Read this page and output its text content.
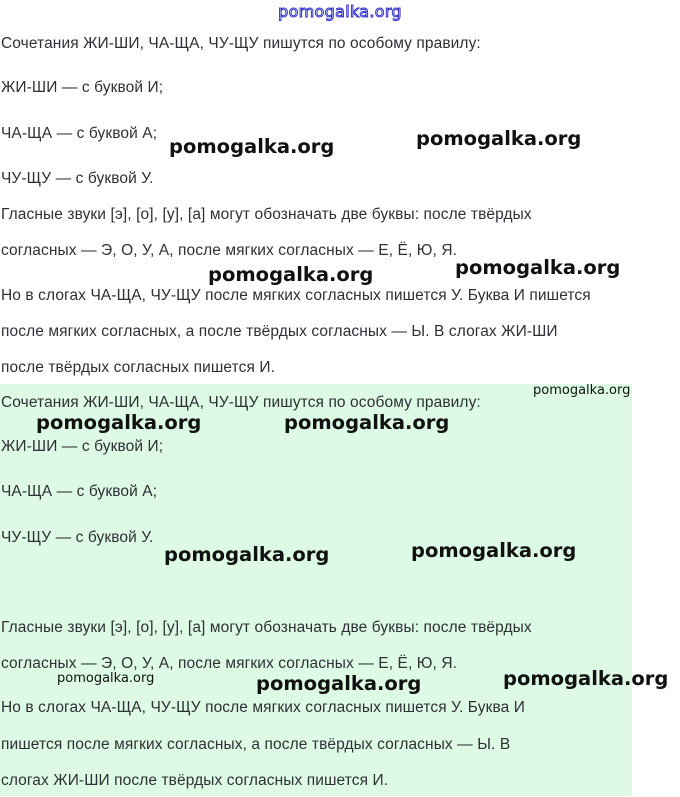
pomogalka.org
Сочетания ЖИ-ШИ, ЧА-ЩА, ЧУ-ЩУ пишутся по особому правилу:
ЖИ-ШИ — с буквой И;
ЧА-ЩА — с буквой А;
ЧУ-ЩУ — с буквой У.
Гласные звуки [э], [о], [у], [а] могут обозначать две буквы: после твёрдых
согласных — Э, О, У, А, после мягких согласных — Е, Ё, Ю, Я.
Но в слогах ЧА-ЩА, ЧУ-ЩУ после мягких согласных пишется У. Буква И пишется
после мягких согласных, а после твёрдых согласных — Ы. В слогах ЖИ-ШИ
после твёрдых согласных пишется И.
Сочетания ЖИ-ШИ, ЧА-ЩА, ЧУ-ЩУ пишутся по особому правилу:
ЖИ-ШИ — с буквой И;
ЧА-ЩА — с буквой А;
ЧУ-ЩУ — с буквой У.
Гласные звуки [э], [о], [у], [а] могут обозначать две буквы: после твёрдых
согласных — Э, О, У, А, после мягких согласных — Е, Ё, Ю, Я.
Но в слогах ЧА-ЩА, ЧУ-ЩУ после мягких согласных пишется У. Буква И
пишется после мягких согласных, а после твёрдых согласных — Ы. В
слогах ЖИ-ШИ после твёрдых согласных пишется И.
pomogalka.org	pomogalka.org
pomogalka.org	pomogalka.org
pomogalka.org
pomogalka.org	pomogalka.org
pomogalka.org	pomogalka.org
pomogalka.org	pomogalka.org	pomogalka.org
